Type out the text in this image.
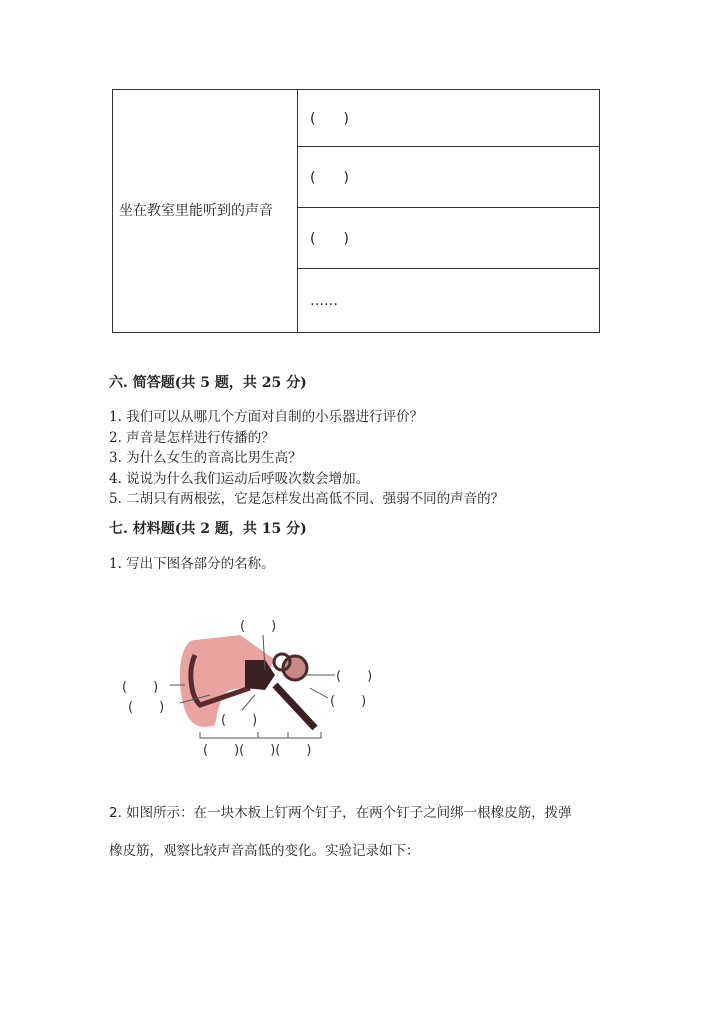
坐在教室里能听到的声音	(　　)
(　　)
(　　)
……
六. 简答题(共 5 题，共 25 分)
1. 我们可以从哪几个方面对自制的小乐器进行评价？
2. 声音是怎样进行传播的？
3. 为什么女生的音高比男生高？
4. 说说为什么我们运动后呼吸次数会增加。
5. 二胡只有两根弦，它是怎样发出高低不同、强弱不同的声音的？
七. 材料题(共 2 题，共 15 分)
1. 写出下图各部分的名称。
(　　)
(　　)
(　　)
(　　)
(　　)
(　　)
(　　)(　　)(　　)
2. 如图所示：在一块木板上钉两个钉子，在两个钉子之间绑一根橡皮筋，拨弹
橡皮筋，观察比较声音高低的变化。实验记录如下：
